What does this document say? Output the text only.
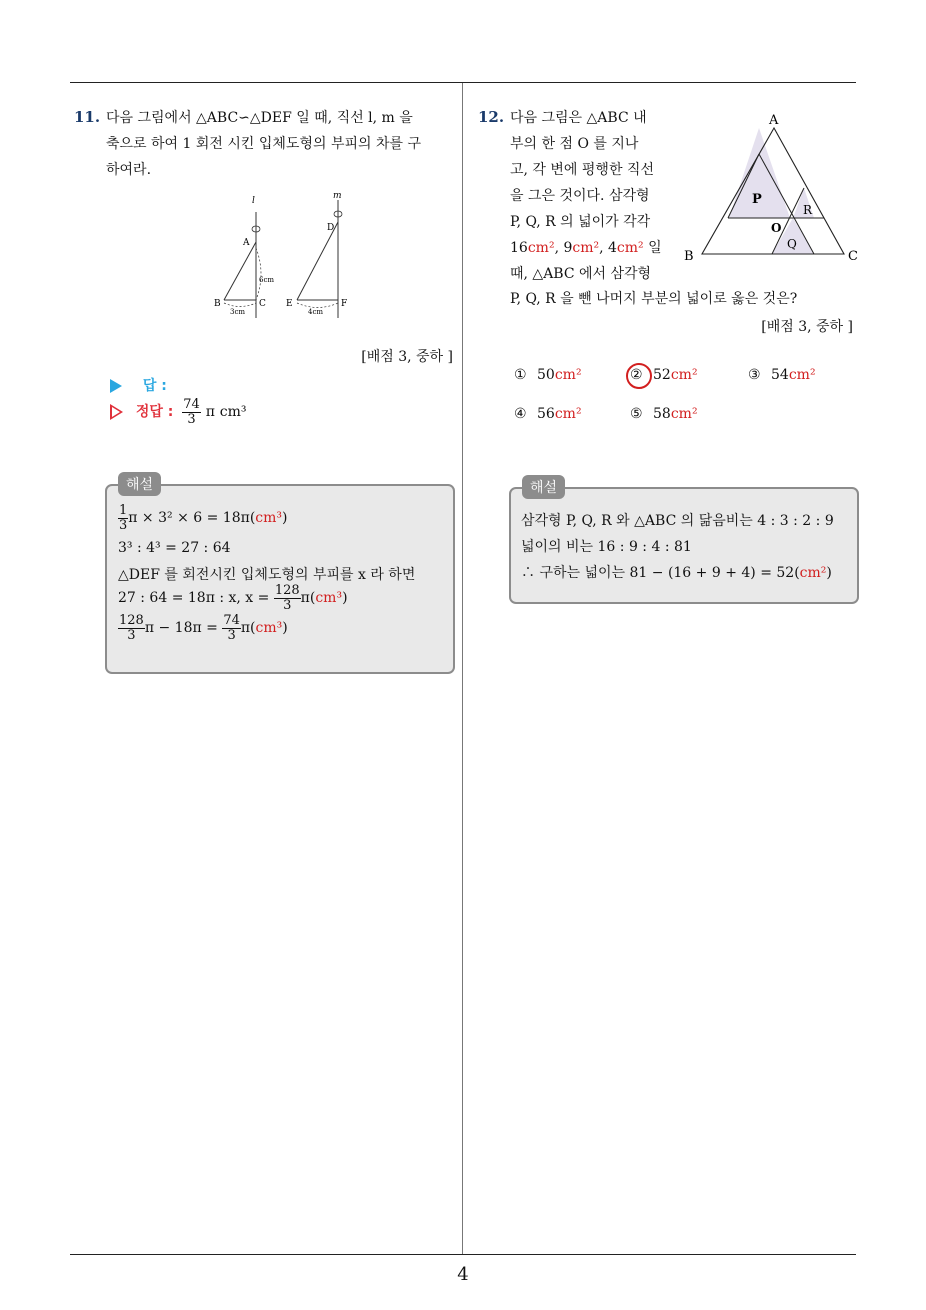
4
11. 다음 그림에서 △ABC∽△DEF 일 때, 직선 l, m 을
축으로 하여 1 회전 시킨 입체도형의 부피의 차를 구
하여라.
l
A
B	C
6cm
3cm
m
D
E	F
4cm
[배점 3, 중하 ]
답 :
정답 : $\frac{74}{3}$ π cm³
해설
$\frac{1}{3}$ π × 3² × 6 = 18π(cm³)
3³ : 4³ = 27 : 64
△DEF 를 회전시킨 입체도형의 부피를 x 라 하면
27 : 64 = 18π : x, $x = \frac{128}{3} \pi(cm^3)$
$\frac{128}{3}$ $\pi - 18\pi = \frac{74}{3} \pi(cm^3)$
12. 다음 그림은 △ABC 내
부의 한 점 O 를 지나
고, 각 변에 평행한 직선
을 그은 것이다. 삼각형
P, Q, R 의 넓이가 각각
16cm², 9cm², 4cm² 일
때, △ABC 에서 삼각형
P, Q, R 을 뺀 나머지 부분의 넓이로 옳은 것은?
A
B	C
P
R
Q
O
[배점 3, 중하 ]
① 50cm²	② 52cm²	③ 54cm²
④ 56cm²	⑤ 58cm²
해설
삼각형 P, Q, R 와 △ABC 의 닮음비는 4 : 3 : 2 : 9
넓이의 비는 16 : 9 : 4 : 81
∴ 구하는 넓이는 81 − (16 + 9 + 4) = 52(cm²)
